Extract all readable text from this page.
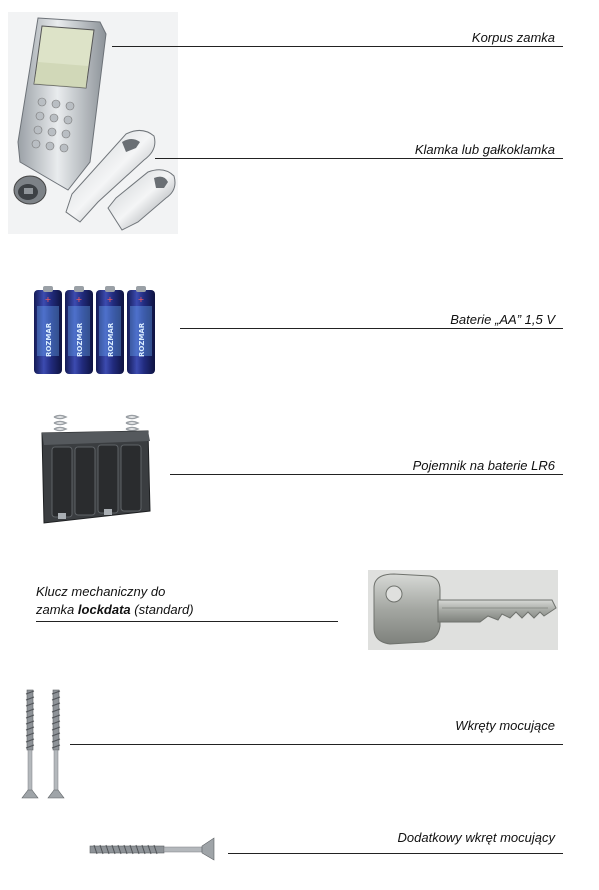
Korpus zamka
Klamka lub gałkoklamka
+	+	+	+
ROZMAR	ROZMAR	ROZMAR	ROZMAR
Baterie „AA” 1,5 V
Pojemnik na baterie LR6
Klucz mechaniczny do
zamka lockdata (standard)
Wkręty mocujące
Dodatkowy wkręt mocujący
